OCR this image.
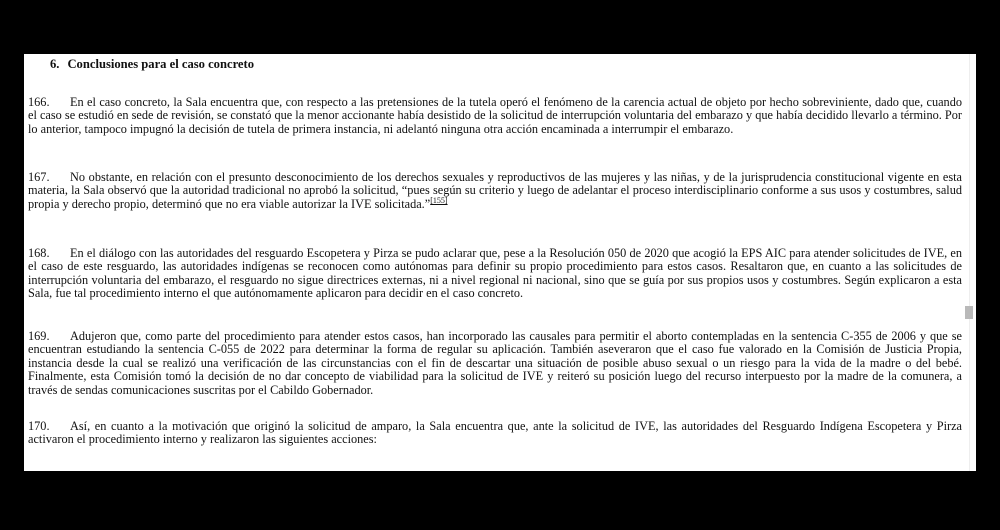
6. Conclusiones para el caso concreto
166. En el caso concreto, la Sala encuentra que, con respecto a las pretensiones de la tutela operó el fenómeno de la carencia actual de objeto por hecho sobreviniente, dado que, cuando el caso se estudió en sede de revisión, se constató que la menor accionante había desistido de la solicitud de interrupción voluntaria del embarazo y que había decidido llevarlo a término. Por lo anterior, tampoco impugnó la decisión de tutela de primera instancia, ni adelantó ninguna otra acción encaminada a interrumpir el embarazo.
167. No obstante, en relación con el presunto desconocimiento de los derechos sexuales y reproductivos de las mujeres y las niñas, y de la jurisprudencia constitucional vigente en esta materia, la Sala observó que la autoridad tradicional no aprobó la solicitud, “pues según su criterio y luego de adelantar el proceso interdisciplinario conforme a sus usos y costumbres, salud propia y derecho propio, determinó que no era viable autorizar la IVE solicitada.”[155]
168. En el diálogo con las autoridades del resguardo Escopetera y Pirza se pudo aclarar que, pese a la Resolución 050 de 2020 que acogió la EPS AIC para atender solicitudes de IVE, en el caso de este resguardo, las autoridades indígenas se reconocen como autónomas para definir su propio procedimiento para estos casos. Resaltaron que, en cuanto a las solicitudes de interrupción voluntaria del embarazo, el resguardo no sigue directrices externas, ni a nivel regional ni nacional, sino que se guía por sus propios usos y costumbres. Según explicaron a esta Sala, fue tal procedimiento interno el que autónomamente aplicaron para decidir en el caso concreto.
169. Adujeron que, como parte del procedimiento para atender estos casos, han incorporado las causales para permitir el aborto contempladas en la sentencia C-355 de 2006 y que se encuentran estudiando la sentencia C-055 de 2022 para determinar la forma de regular su aplicación. También aseveraron que el caso fue valorado en la Comisión de Justicia Propia, instancia desde la cual se realizó una verificación de las circunstancias con el fin de descartar una situación de posible abuso sexual o un riesgo para la vida de la madre o del bebé. Finalmente, esta Comisión tomó la decisión de no dar concepto de viabilidad para la solicitud de IVE y reiteró su posición luego del recurso interpuesto por la madre de la comunera, a través de sendas comunicaciones suscritas por el Cabildo Gobernador.
170. Así, en cuanto a la motivación que originó la solicitud de amparo, la Sala encuentra que, ante la solicitud de IVE, las autoridades del Resguardo Indígena Escopetera y Pirza activaron el procedimiento interno y realizaron las siguientes acciones:
